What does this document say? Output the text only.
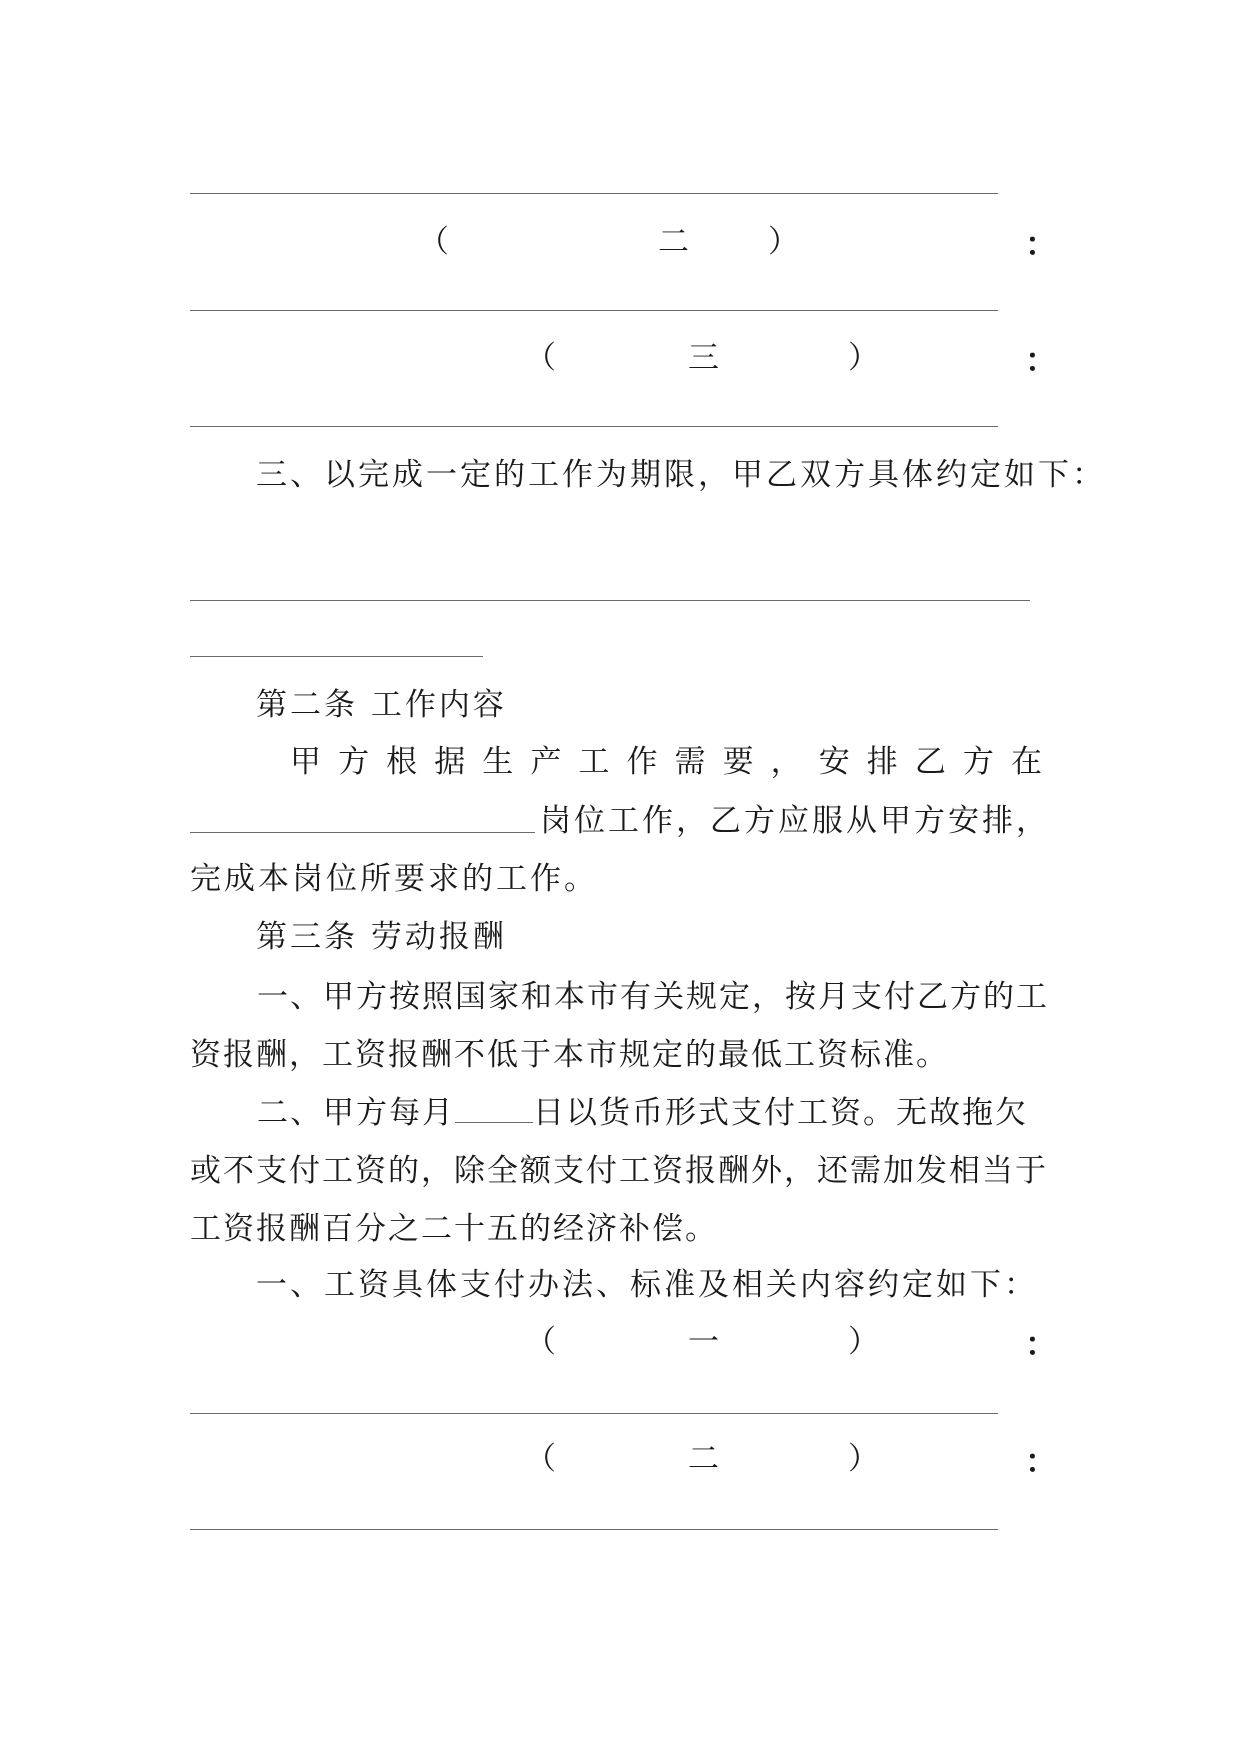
（	二	）	：
（	三	）	：
三、以完成一定的工作为期限，甲乙双方具体约定如下：
第二条 工作内容
甲 方 根 据 生 产 工 作 需 要 ， 安 排 乙 方 在
岗位工作，乙方应服从甲方安排，
完成本岗位所要求的工作。
第三条 劳动报酬
一、甲方按照国家和本市有关规定，按月支付乙方的工资报酬，工资报酬不低于本市规定的最低工资标准。
二、甲方每月	日以货币形式支付工资。无故拖欠或不支付工资的，除全额支付工资报酬外，还需加发相当于工资报酬百分之二十五的经济补偿。
一、工资具体支付办法、标准及相关内容约定如下：
（	一	）	：
（	二	）	：
